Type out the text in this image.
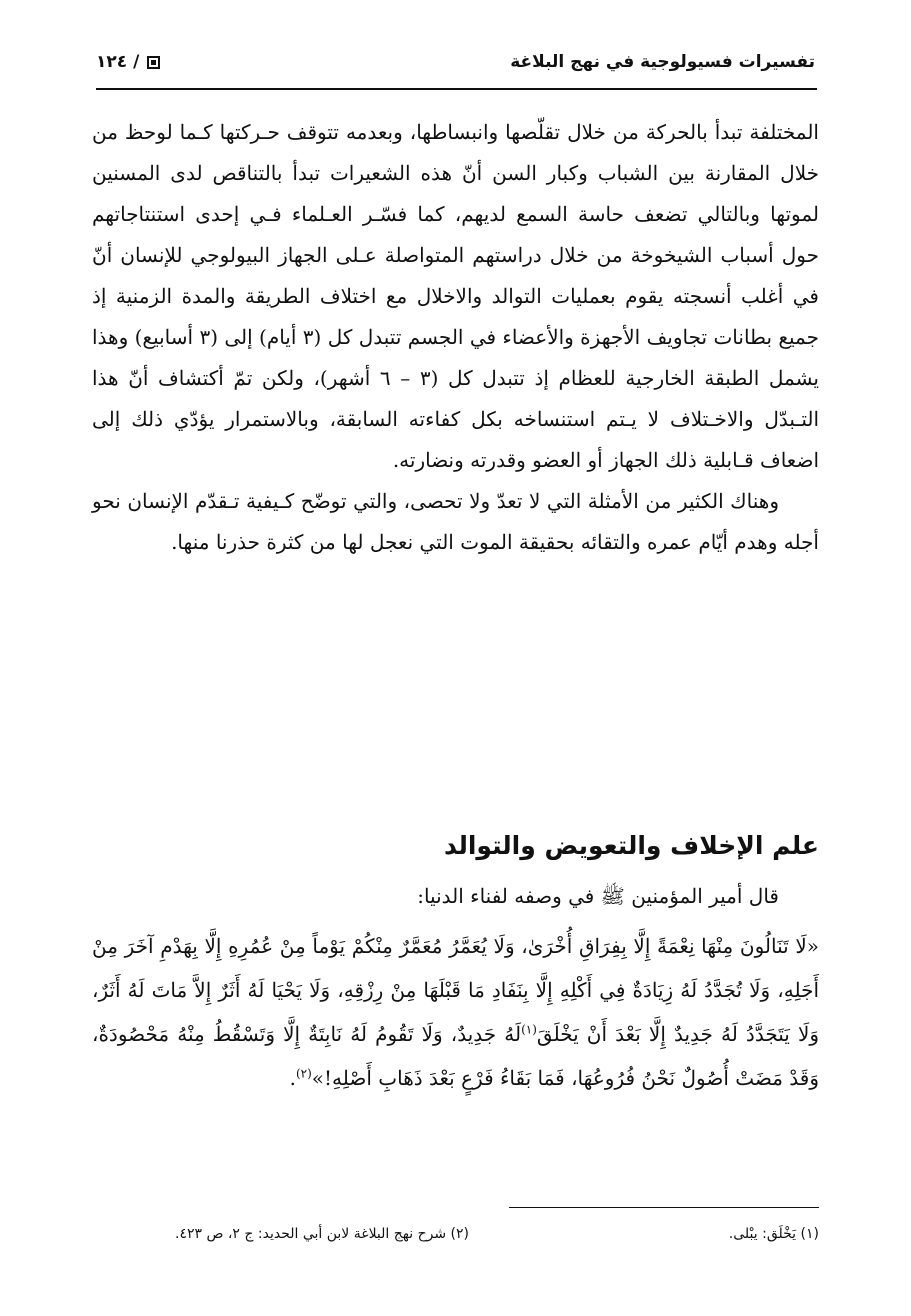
تفسيرات فسيولوجية في نهج البلاغة
/
١٢٤

المختلفة تبدأ بالحركة من خلال تقلّصها وانبساطها، وبعدمه تتوقف حـركتها كـما لوحظ من خلال المقارنة بين الشباب وكبار السن أنّ هذه الشعيرات تبدأ بالتناقص لدى المسنين لموتها وبالتالي تضعف حاسة السمع لديهم، كما فسّـر العـلماء فـي إحدى استنتاجاتهم حول أسباب الشيخوخة من خلال دراستهم المتواصلة عـلى الجهاز البيولوجي للإنسان أنّ في أغلب أنسجته يقوم بعمليات التوالد والاخلال مع اختلاف الطريقة والمدة الزمنية إذ جميع بطانات تجاويف الأجهزة والأعضاء في الجسم تتبدل كل (٣ أيام) إلى (٣ أسابيع) وهذا يشمل الطبقة الخارجية للعظام إذ تتبدل كل (٣ – ٦ أشهر)، ولكن تمّ أكتشاف أنّ هذا التـبدّل والاخـتلاف لا يـتم استنساخه بكل كفاءته السابقة، وبالاستمرار يؤدّي ذلك إلى اضعاف قـابلية ذلك الجهاز أو العضو وقدرته ونضارته.

وهناك الكثير من الأمثلة التي لا تعدّ ولا تحصى، والتي توضّح كـيفية تـقدّم الإنسان نحو أجله وهدم أيّام عمره والتقائه بحقيقة الموت التي نعجل لها من كثرة حذرنا منها.

علم الإخلاف والتعويض والتوالد

قال أمير المؤمنين ﷺ في وصفه لفناء الدنيا:

«لَا تَنَالُونَ مِنْهَا نِعْمَةً إِلَّا بِفِرَاقِ أُخْرَىٰ، وَلَا يُعَمَّرُ مُعَمَّرٌ مِنْكُمْ يَوْماً مِنْ عُمُرِهِ إِلَّا بِهَدْمِ آخَرَ مِنْ أَجَلِهِ، وَلَا تُجَدَّدُ لَهُ زِيَادَةٌ فِي أَكْلِهِ إِلَّا بِنَفَادِ مَا قَبْلَهَا مِنْ رِزْقِهِ، وَلَا يَحْيَا لَهُ أَثَرٌ إِلاَّ مَاتَ لَهُ أَثَرٌ، وَلَا يَتَجَدَّدُ لَهُ جَدِيدٌ إِلَّا بَعْدَ أَنْ يَخْلَقَ$^{(١)}$لَهُ جَدِيدٌ، وَلَا تَقُومُ لَهُ نَابِتَةٌ إِلَّا وَتَسْقُطُ مِنْهُ مَحْصُودَةٌ، وَقَدْ مَضَتْ أُصُولٌ نَحْنُ فُرُوعُهَا، فَمَا بَقَاءُ فَرْعٍ بَعْدَ ذَهَابِ أَصْلِهِ!»$^{(٢)}$.

(١) يَخْلَق: يبْلى.
(٢) شرح نهج البلاغة لابن أبي الحديد: ج ٢، ص ٤٢٣.
